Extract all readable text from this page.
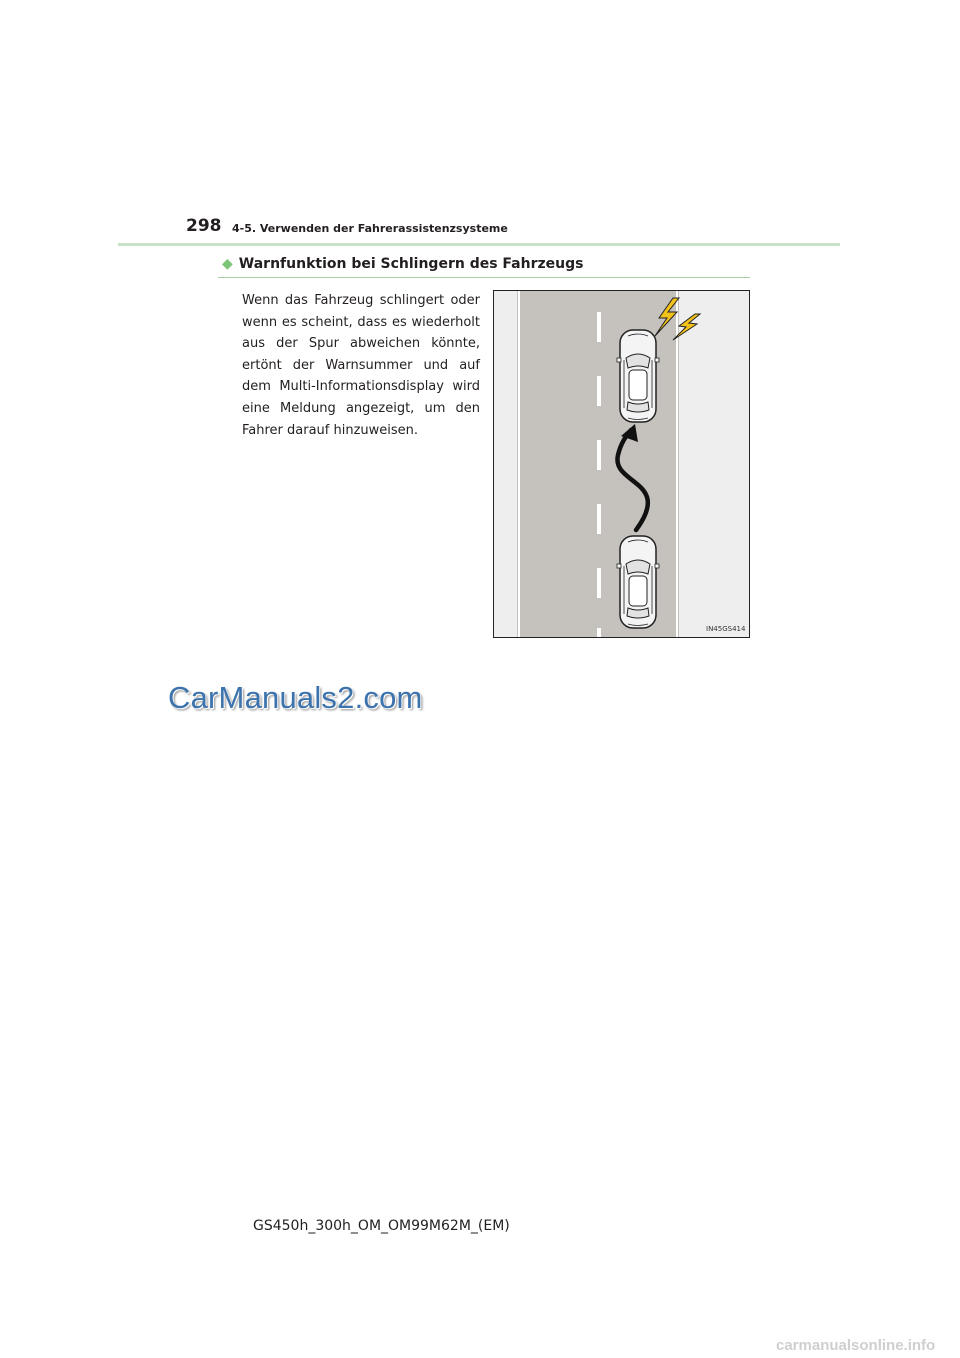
298 4-5. Verwenden der Fahrerassistenzsysteme
◆ Warnfunktion bei Schlingern des Fahrzeugs
Wenn das Fahrzeug schlingert oder wenn es scheint, dass es wiederholt aus der Spur abweichen könnte, ertönt der Warnsummer und auf dem Multi-Informationsdisplay wird eine Meldung angezeigt, um den Fahrer darauf hinzuweisen.
IN45GS414
CarManuals2.com
GS450h_300h_OM_OM99M62M_(EM)
carmanualsonline.info
